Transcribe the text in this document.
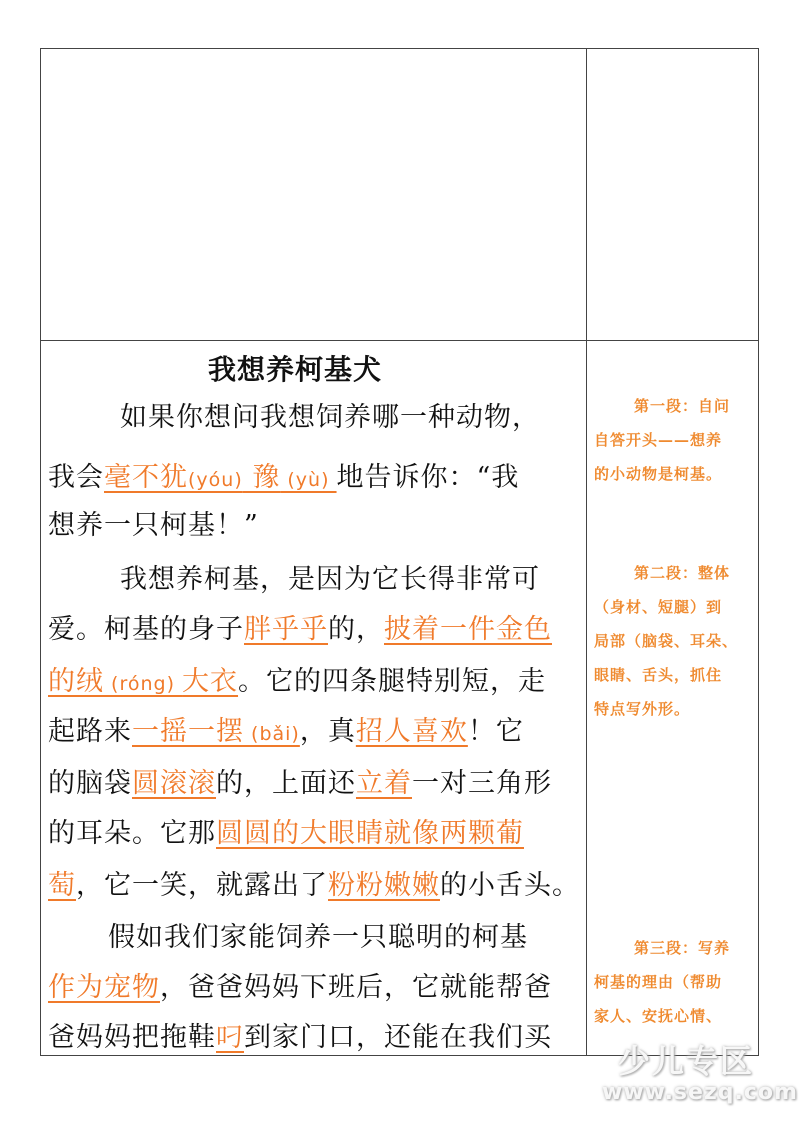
我想养柯基犬
如果你想问我想饲养哪一种动物，
我会毫不犹(yóu) 豫 (yù) 地告诉你：“我
想养一只柯基！”
我想养柯基，是因为它长得非常可
爱。柯基的身子胖乎乎的，披着一件金色
的绒 (róng) 大衣。它的四条腿特别短，走
起路来一摇一摆 (bǎi)，真招人喜欢！它
的脑袋圆滚滚的，上面还立着一对三角形
的耳朵。它那圆圆的大眼睛就像两颗葡
萄，它一笑，就露出了粉粉嫩嫩的小舌头。
假如我们家能饲养一只聪明的柯基
作为宠物，爸爸妈妈下班后，它就能帮爸
爸妈妈把拖鞋叼到家门口，还能在我们买
第一段：自问
自答开头——想养
的小动物是柯基。
第二段：整体
（身材、短腿）到
局部（脑袋、耳朵、
眼睛、舌头，抓住
特点写外形。
第三段：写养
柯基的理由（帮助
家人、安抚心情、
少儿专区
www.sezq.com
